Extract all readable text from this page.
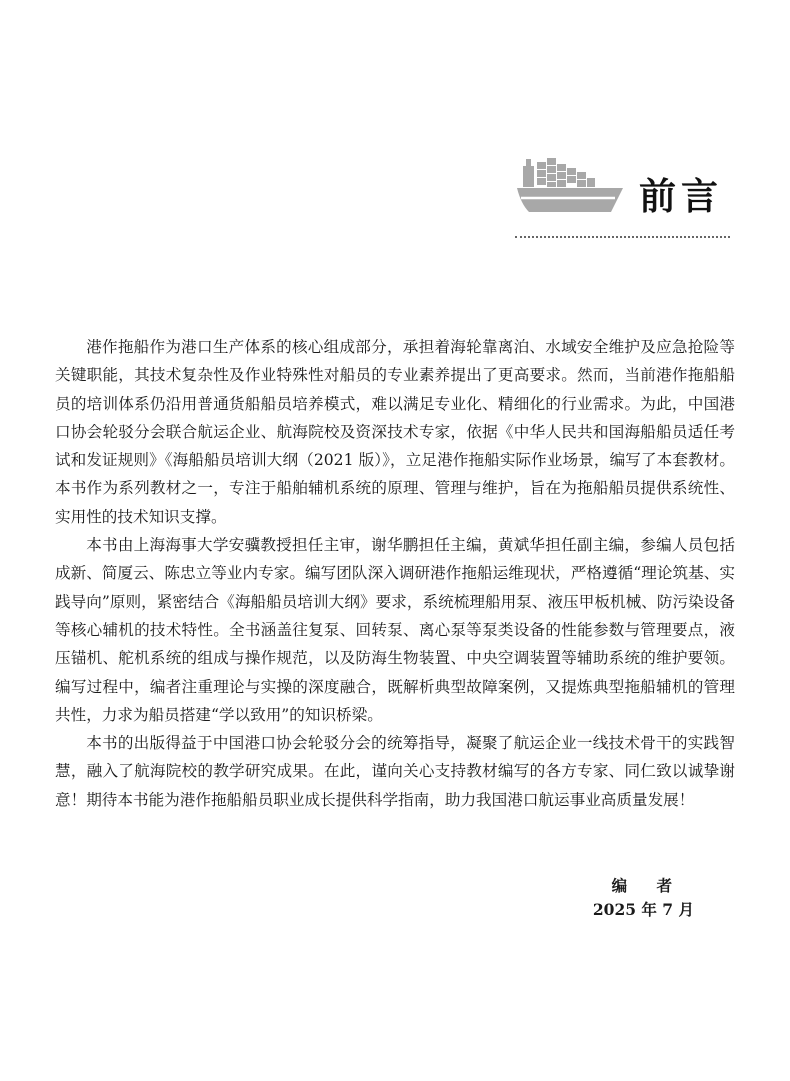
前言

港作拖船作为港口生产体系的核心组成部分，承担着海轮靠离泊、水域安全维护及应急抢险等关键职能，其技术复杂性及作业特殊性对船员的专业素养提出了更高要求。然而，当前港作拖船船员的培训体系仍沿用普通货船船员培养模式，难以满足专业化、精细化的行业需求。为此，中国港口协会轮驳分会联合航运企业、航海院校及资深技术专家，依据《中华人民共和国海船船员适任考试和发证规则》《海船船员培训大纲（2021 版）》，立足港作拖船实际作业场景，编写了本套教材。本书作为系列教材之一，专注于船舶辅机系统的原理、管理与维护，旨在为拖船船员提供系统性、实用性的技术知识支撑。

本书由上海海事大学安骥教授担任主审，谢华鹏担任主编，黄斌华担任副主编，参编人员包括成新、简厦云、陈忠立等业内专家。编写团队深入调研港作拖船运维现状，严格遵循“理论筑基、实践导向”原则，紧密结合《海船船员培训大纲》要求，系统梳理船用泵、液压甲板机械、防污染设备等核心辅机的技术特性。全书涵盖往复泵、回转泵、离心泵等泵类设备的性能参数与管理要点，液压锚机、舵机系统的组成与操作规范，以及防海生物装置、中央空调装置等辅助系统的维护要领。编写过程中，编者注重理论与实操的深度融合，既解析典型故障案例，又提炼典型拖船辅机的管理共性，力求为船员搭建“学以致用”的知识桥梁。

本书的出版得益于中国港口协会轮驳分会的统筹指导，凝聚了航运企业一线技术骨干的实践智慧，融入了航海院校的教学研究成果。在此，谨向关心支持教材编写的各方专家、同仁致以诚挚谢意！期待本书能为港作拖船船员职业成长提供科学指南，助力我国港口航运事业高质量发展！

编 者
2025 年 7 月
